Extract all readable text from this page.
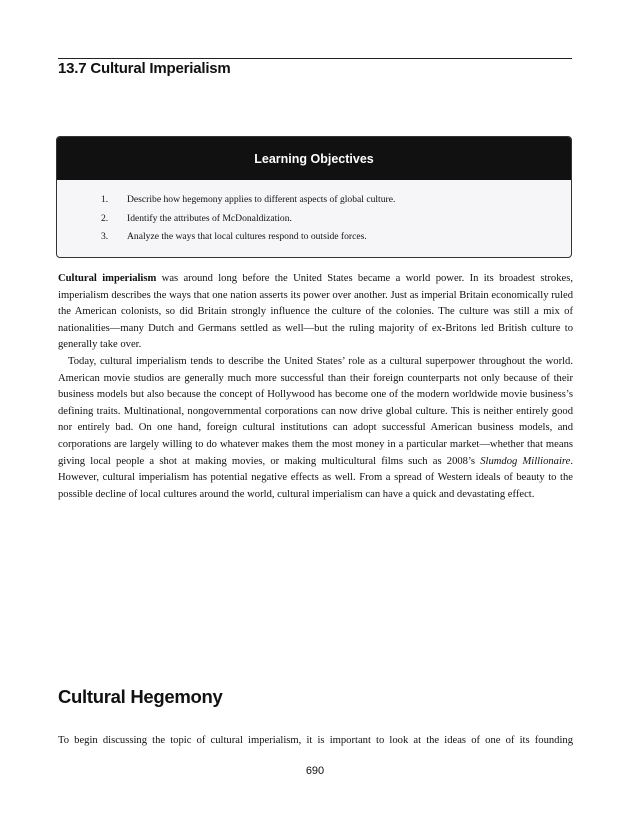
13.7 Cultural Imperialism
Learning Objectives
1. Describe how hegemony applies to different aspects of global culture.
2. Identify the attributes of McDonaldization.
3. Analyze the ways that local cultures respond to outside forces.

Cultural imperialism was around long before the United States became a world power. In its broadest strokes, imperialism describes the ways that one nation asserts its power over another. Just as imperial Britain economically ruled the American colonists, so did Britain strongly influence the culture of the colonies. The culture was still a mix of nationalities—many Dutch and Germans settled as well—but the ruling majority of ex-Britons led British culture to generally take over.

Today, cultural imperialism tends to describe the United States’ role as a cultural superpower throughout the world. American movie studios are generally much more successful than their foreign counterparts not only because of their business models but also because the concept of Hollywood has become one of the modern worldwide movie business’s defining traits. Multinational, nongovernmental corporations can now drive global culture. This is neither entirely good nor entirely bad. On one hand, foreign cultural institutions can adopt successful American business models, and corporations are largely willing to do whatever makes them the most money in a particular market—whether that means giving local people a shot at making movies, or making multicultural films such as 2008’s Slumdog Millionaire. However, cultural imperialism has potential negative effects as well. From a spread of Western ideals of beauty to the possible decline of local cultures around the world, cultural imperialism can have a quick and devastating effect.

Cultural Hegemony
To begin discussing the topic of cultural imperialism, it is important to look at the ideas of one of its founding
690
